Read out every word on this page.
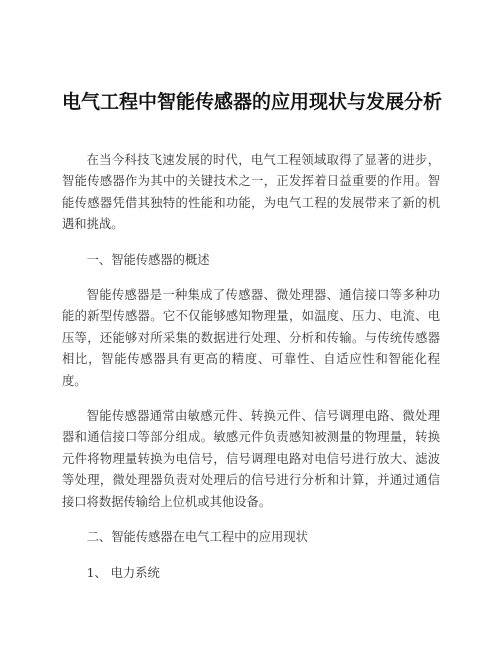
电气工程中智能传感器的应用现状与发展分析

在当今科技飞速发展的时代，电气工程领域取得了显著的进步，智能传感器作为其中的关键技术之一，正发挥着日益重要的作用。智能传感器凭借其独特的性能和功能，为电气工程的发展带来了新的机遇和挑战。

一、智能传感器的概述

智能传感器是一种集成了传感器、微处理器、通信接口等多种功能的新型传感器。它不仅能够感知物理量，如温度、压力、电流、电压等，还能够对所采集的数据进行处理、分析和传输。与传统传感器相比，智能传感器具有更高的精度、可靠性、自适应性和智能化程度。

智能传感器通常由敏感元件、转换元件、信号调理电路、微处理器和通信接口等部分组成。敏感元件负责感知被测量的物理量，转换元件将物理量转换为电信号，信号调理电路对电信号进行放大、滤波等处理，微处理器负责对处理后的信号进行分析和计算，并通过通信接口将数据传输给上位机或其他设备。

二、智能传感器在电气工程中的应用现状

1、 电力系统
